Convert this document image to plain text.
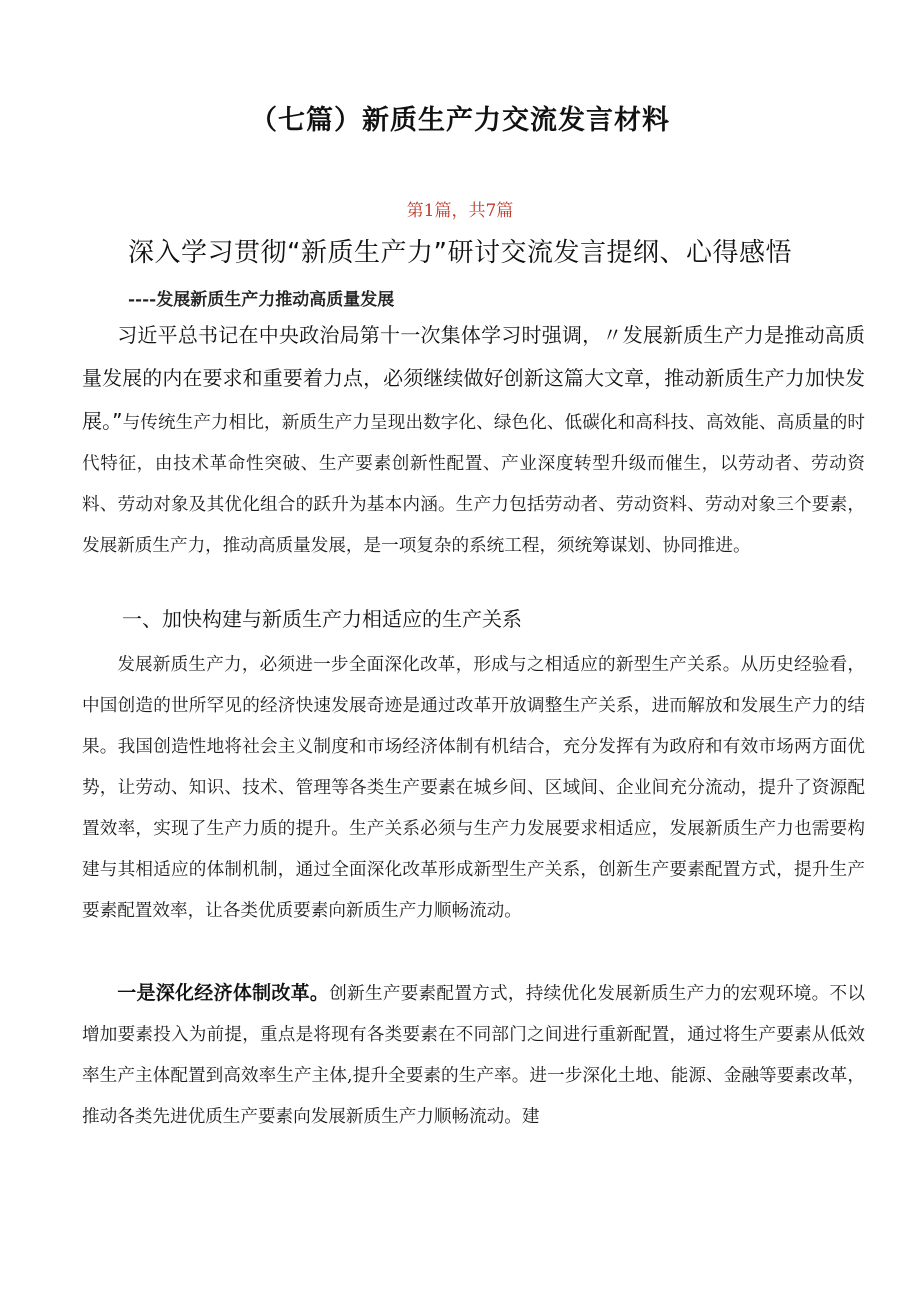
（七篇）新质生产力交流发言材料
第1篇，共7篇
深入学习贯彻“新质生产力”研讨交流发言提纲、心得感悟
----发展新质生产力推动高质量发展

习近平总书记在中央政治局第十一次集体学习时强调，〃发展新质生产力是推动高质量发展的内在要求和重要着力点，必须继续做好创新这篇大文章，推动新质生产力加快发展。”与传统生产力相比，新质生产力呈现出数字化、绿色化、低碳化和高科技、高效能、高质量的时代特征，由技术革命性突破、生产要素创新性配置、产业深度转型升级而催生，以劳动者、劳动资料、劳动对象及其优化组合的跃升为基本内涵。生产力包括劳动者、劳动资料、劳动对象三个要素，发展新质生产力，推动高质量发展，是一项复杂的系统工程，须统筹谋划、协同推进。

一、加快构建与新质生产力相适应的生产关系

发展新质生产力，必须进一步全面深化改革，形成与之相适应的新型生产关系。从历史经验看，中国创造的世所罕见的经济快速发展奇迹是通过改革开放调整生产关系，进而解放和发展生产力的结果。我国创造性地将社会主义制度和市场经济体制有机结合，充分发挥有为政府和有效市场两方面优势，让劳动、知识、技术、管理等各类生产要素在城乡间、区域间、企业间充分流动，提升了资源配置效率，实现了生产力质的提升。生产关系必须与生产力发展要求相适应，发展新质生产力也需要构建与其相适应的体制机制，通过全面深化改革形成新型生产关系，创新生产要素配置方式，提升生产要素配置效率，让各类优质要素向新质生产力顺畅流动。

一是深化经济体制改革。创新生产要素配置方式，持续优化发展新质生产力的宏观环境。不以增加要素投入为前提，重点是将现有各类要素在不同部门之间进行重新配置，通过将生产要素从低效率生产主体配置到高效率生产主体,提升全要素的生产率。进一步深化土地、能源、金融等要素改革，推动各类先进优质生产要素向发展新质生产力顺畅流动。建
